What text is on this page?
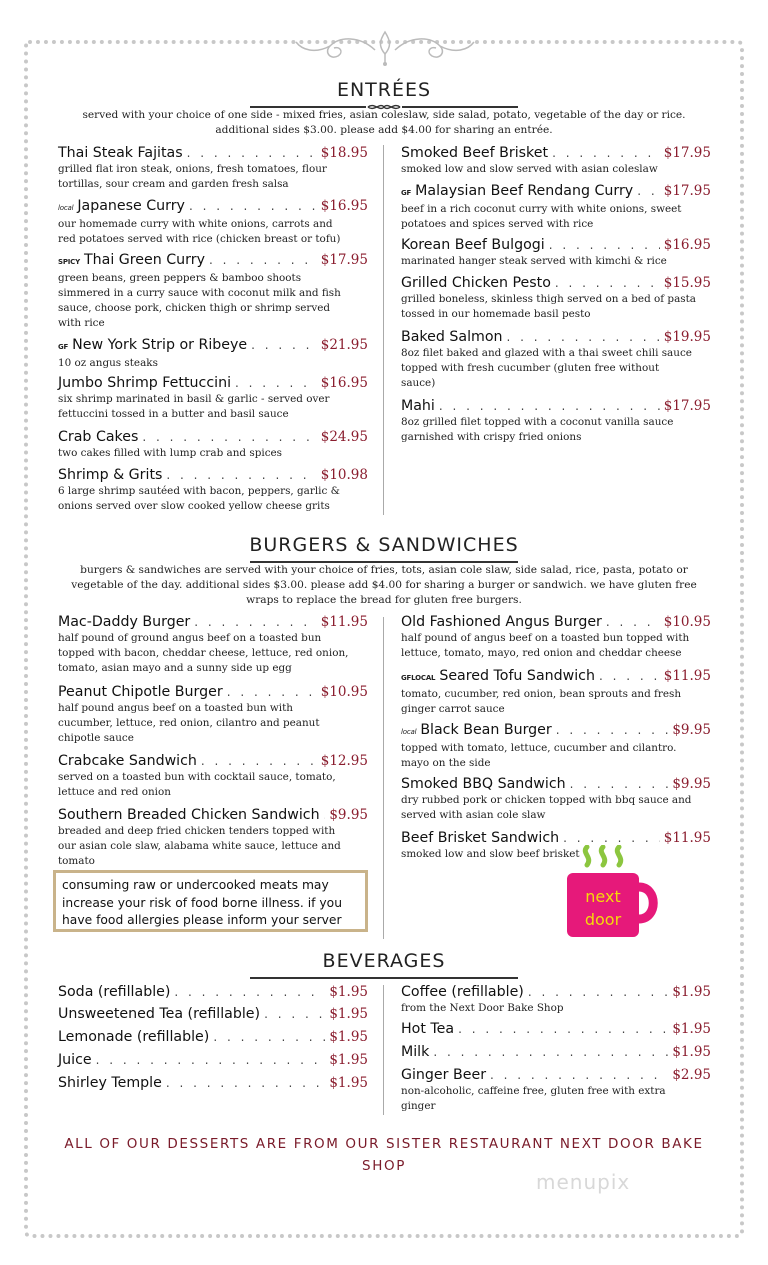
ENTRÉES
served with your choice of one side - mixed fries, asian coleslaw, side salad, potato, vegetable of the day or rice. additional sides $3.00. please add $4.00 for sharing an entrée.
Thai Steak Fajitas . . .	$18.95
grilled flat iron steak, onions, fresh tomatoes, flour
tortillas, sour cream and garden fresh salsa
local Japanese Curry . . .	$16.95
our homemade curry with white onions, carrots and
red potatoes served with rice (chicken breast or tofu)
SPICY Thai Green Curry . . .	$17.95
green beans, green peppers & bamboo shoots
simmered in a curry sauce with coconut milk and fish
sauce, choose pork, chicken thigh or shrimp served
with rice
GF New York Strip or Ribeye . . .	$21.95
10 oz angus steaks
Jumbo Shrimp Fettuccini . . .	$16.95
six shrimp marinated in basil & garlic - served over
fettuccini tossed in a butter and basil sauce
Crab Cakes . . .	$24.95
two cakes filled with lump crab and spices
Shrimp & Grits . . .	$10.98
6 large shrimp sautéed with bacon, peppers, garlic &
onions served over slow cooked yellow cheese grits
Smoked Beef Brisket . . .	$17.95
smoked low and slow served with asian coleslaw
GF Malaysian Beef Rendang Curry . . . $17.95
beef in a rich coconut curry with white onions, sweet
potatoes and spices served with rice
Korean Beef Bulgogi . . .	$16.95
marinated hanger steak served with kimchi & rice
Grilled Chicken Pesto . . .	$15.95
grilled boneless, skinless thigh served on a bed of pasta
tossed in our homemade basil pesto
Baked Salmon . . .	$19.95
8oz filet baked and glazed with a thai sweet chili sauce
topped with fresh cucumber (gluten free without
sauce)
Mahi . . .	$17.95
8oz grilled filet topped with a coconut vanilla sauce
garnished with crispy fried onions
BURGERS & SANDWICHES
burgers & sandwiches are served with your choice of fries, tots, asian cole slaw, side salad, rice, pasta, potato or vegetable of the day. additional sides $3.00. please add $4.00 for sharing a burger or sandwich. we have gluten free wraps to replace the bread for gluten free burgers.
Mac-Daddy Burger . . .	$11.95
half pound of ground angus beef on a toasted bun
topped with bacon, cheddar cheese, lettuce, red onion,
tomato, asian mayo and a sunny side up egg
Peanut Chipotle Burger . . .	$10.95
half pound angus beef on a toasted bun with
cucumber, lettuce, red onion, cilantro and peanut
chipotle sauce
Crabcake Sandwich . . .	$12.95
served on a toasted bun with cocktail sauce, tomato,
lettuce and red onion
Southern Breaded Chicken Sandwich . . . $9.95
breaded and deep fried chicken tenders topped with
our asian cole slaw, alabama white sauce, lettuce and
tomato
Old Fashioned Angus Burger . . .	$10.95
half pound of angus beef on a toasted bun topped with
lettuce, tomato, mayo, red onion and cheddar cheese
GFLOCAL Seared Tofu Sandwich . . .	$11.95
tomato, cucumber, red onion, bean sprouts and fresh
ginger carrot sauce
local Black Bean Burger . . .	$9.95
topped with tomato, lettuce, cucumber and cilantro.
mayo on the side
Smoked BBQ Sandwich . . .	$9.95
dry rubbed pork or chicken topped with bbq sauce and
served with asian cole slaw
Beef Brisket Sandwich . . .	$11.95
smoked low and slow beef brisket
consuming raw or undercooked meats may increase your risk of food borne illness. if you have food allergies please inform your server
next
door
BEVERAGES
Soda (refillable) . . .	$1.95
Unsweetened Tea (refillable) . . .	$1.95
Lemonade (refillable) . . .	$1.95
Juice . . .	$1.95
Shirley Temple . . .	$1.95
Coffee (refillable) . . .	$1.95
from the Next Door Bake Shop
Hot Tea . . .	$1.95
Milk . . .	$1.95
Ginger Beer . . .	$2.95
non-alcoholic, caffeine free, gluten free with extra
ginger
ALL OF OUR DESSERTS ARE FROM OUR SISTER RESTAURANT NEXT DOOR BAKE SHOP
menupix
